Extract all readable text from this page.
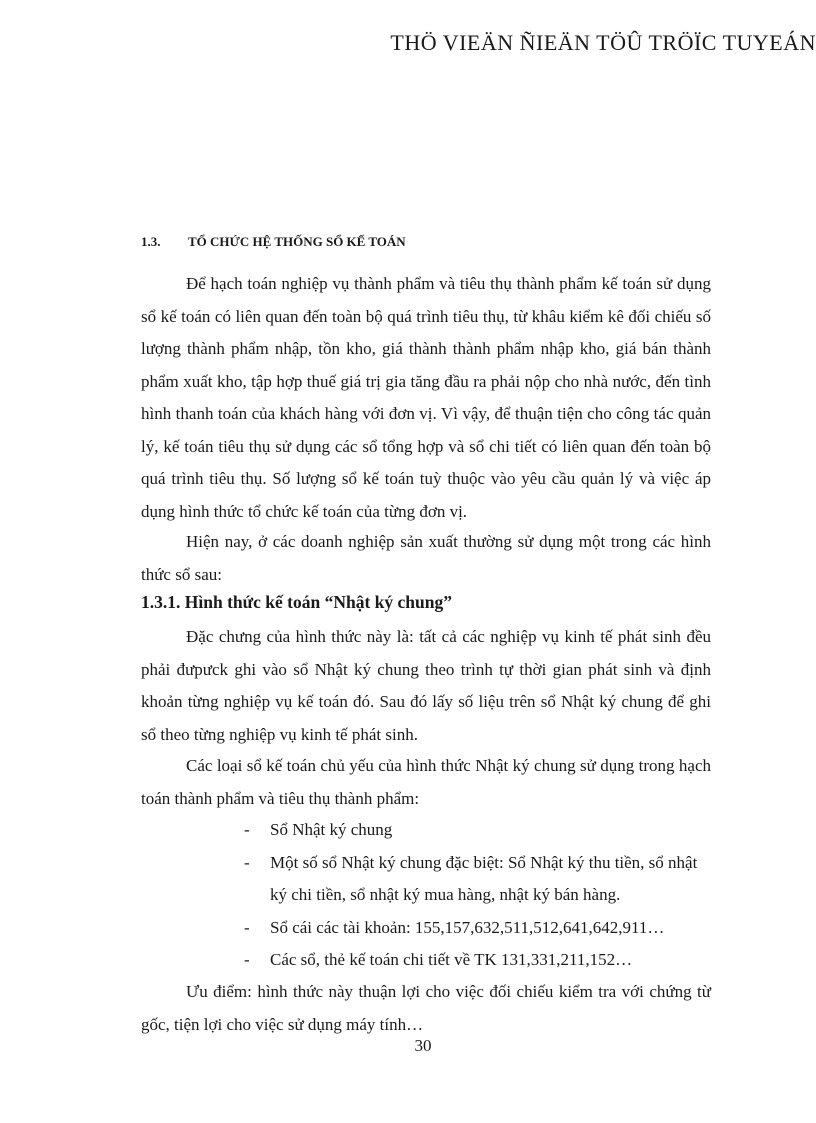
THÖ VIEÄN ÑIEÄN TÖÛ TRÖÏC TUYEÁN
1.3. TỔ CHỨC HỆ THỐNG SỔ KẾ TOÁN

Để hạch toán nghiệp vụ thành phẩm và tiêu thụ thành phẩm kế toán sử dụng sổ kế toán có liên quan đến toàn bộ quá trình tiêu thụ, từ khâu kiểm kê đối chiếu số lượng thành phẩm nhập, tồn kho, giá thành thành phẩm nhập kho, giá bán thành phẩm xuất kho, tập hợp thuế giá trị gia tăng đầu ra phải nộp cho nhà nước, đến tình hình thanh toán của khách hàng với đơn vị. Vì vậy, để thuận tiện cho công tác quản lý, kế toán tiêu thụ sử dụng các sổ tổng hợp và sổ chi tiết có liên quan đến toàn bộ quá trình tiêu thụ. Số lượng sổ kế toán tuỳ thuộc vào yêu cầu quản lý và việc áp dụng hình thức tổ chức kế toán của từng đơn vị.

Hiện nay, ở các doanh nghiệp sản xuất thường sử dụng một trong các hình thức sổ sau:

1.3.1. Hình thức kế toán “Nhật ký chung”

Đặc chưng của hình thức này là: tất cả các nghiệp vụ kinh tế phát sinh đều phải đưpưck ghi vào sổ Nhật ký chung theo trình tự thời gian phát sinh và định khoản từng nghiệp vụ kế toán đó. Sau đó lấy số liệu trên sổ Nhật ký chung để ghi sổ theo từng nghiệp vụ kinh tế phát sinh.

Các loại sổ kế toán chủ yếu của hình thức Nhật ký chung sử dụng trong hạch toán thành phẩm và tiêu thụ thành phẩm:

- Sổ Nhật ký chung
- Một số sổ Nhật ký chung đặc biệt: Sổ Nhật ký thu tiền, sổ nhật ký chi tiền, sổ nhật ký mua hàng, nhật ký bán hàng.
- Sổ cái các tài khoản: 155,157,632,511,512,641,642,911…
- Các sổ, thẻ kế toán chi tiết về TK 131,331,211,152…

Ưu điểm: hình thức này thuận lợi cho việc đối chiếu kiểm tra với chứng từ gốc, tiện lợi cho việc sử dụng máy tính…

30
